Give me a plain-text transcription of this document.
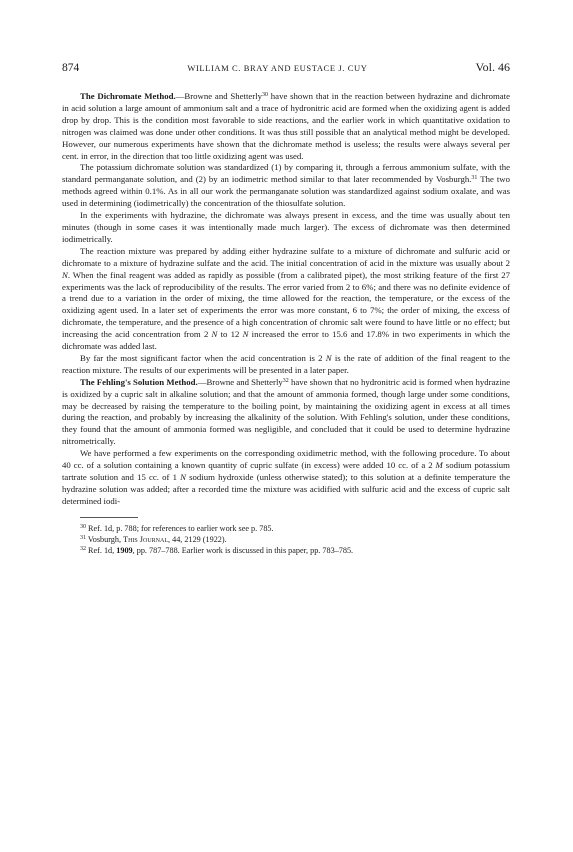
874	WILLIAM C. BRAY AND EUSTACE J. CUY	Vol. 46

The Dichromate Method.—Browne and Shetterly$^{30}$ have shown that in the reaction between hydrazine and dichromate in acid solution a large amount of ammonium salt and a trace of hydronitric acid are formed when the oxidizing agent is added drop by drop. This is the condition most favorable to side reactions, and the earlier work in which quantitative oxidation to nitrogen was claimed was done under other conditions. It was thus still possible that an analytical method might be developed. However, our numerous experiments have shown that the dichromate method is useless; the results were always several per cent. in error, in the direction that too little oxidizing agent was used.

The potassium dichromate solution was standardized (1) by comparing it, through a ferrous ammonium sulfate, with the standard permanganate solution, and (2) by an iodimetric method similar to that later recommended by Vosburgh.$^{31}$ The two methods agreed within 0.1%. As in all our work the permanganate solution was standardized against sodium oxalate, and was used in determining (iodimetrically) the concentration of the thiosulfate solution.

In the experiments with hydrazine, the dichromate was always present in excess, and the time was usually about ten minutes (though in some cases it was intentionally made much larger). The excess of dichromate was then determined iodimetrically.

The reaction mixture was prepared by adding either hydrazine sulfate to a mixture of dichromate and sulfuric acid or dichromate to a mixture of hydrazine sulfate and the acid. The initial concentration of acid in the mixture was usually about 2 N. When the final reagent was added as rapidly as possible (from a calibrated pipet), the most striking feature of the first 27 experiments was the lack of reproducibility of the results. The error varied from 2 to 6%; and there was no definite evidence of a trend due to a variation in the order of mixing, the time allowed for the reaction, the temperature, or the excess of the oxidizing agent used. In a later set of experiments the error was more constant, 6 to 7%; the order of mixing, the excess of dichromate, the temperature, and the presence of a high concentration of chromic salt were found to have little or no effect; but increasing the acid concentration from 2 N to 12 N increased the error to 15.6 and 17.8% in two experiments in which the dichromate was added last.

By far the most significant factor when the acid concentration is 2 N is the rate of addition of the final reagent to the reaction mixture. The results of our experiments will be presented in a later paper.

The Fehling's Solution Method.—Browne and Shetterly$^{32}$ have shown that no hydronitric acid is formed when hydrazine is oxidized by a cupric salt in alkaline solution; and that the amount of ammonia formed, though large under some conditions, may be decreased by raising the temperature to the boiling point, by maintaining the oxidizing agent in excess at all times during the reaction, and probably by increasing the alkalinity of the solution. With Fehling's solution, under these conditions, they found that the amount of ammonia formed was negligible, and concluded that it could be used to determine hydrazine nitrometrically.

We have performed a few experiments on the corresponding oxidimetric method, with the following procedure. To about 40 cc. of a solution containing a known quantity of cupric sulfate (in excess) were added 10 cc. of a 2 M sodium potassium tartrate solution and 15 cc. of 1 N sodium hydroxide (unless otherwise stated); to this solution at a definite temperature the hydrazine solution was added; after a recorded time the mixture was acidified with sulfuric acid and the excess of cupric salt determined iodi-

$^{30}$ Ref. 1d, p. 788; for references to earlier work see p. 785.

$^{31}$ Vosburgh, This Journal, 44, 2129 (1922).

$^{32}$ Ref. 1d, 1909, pp. 787–788. Earlier work is discussed in this paper, pp. 783–785.
